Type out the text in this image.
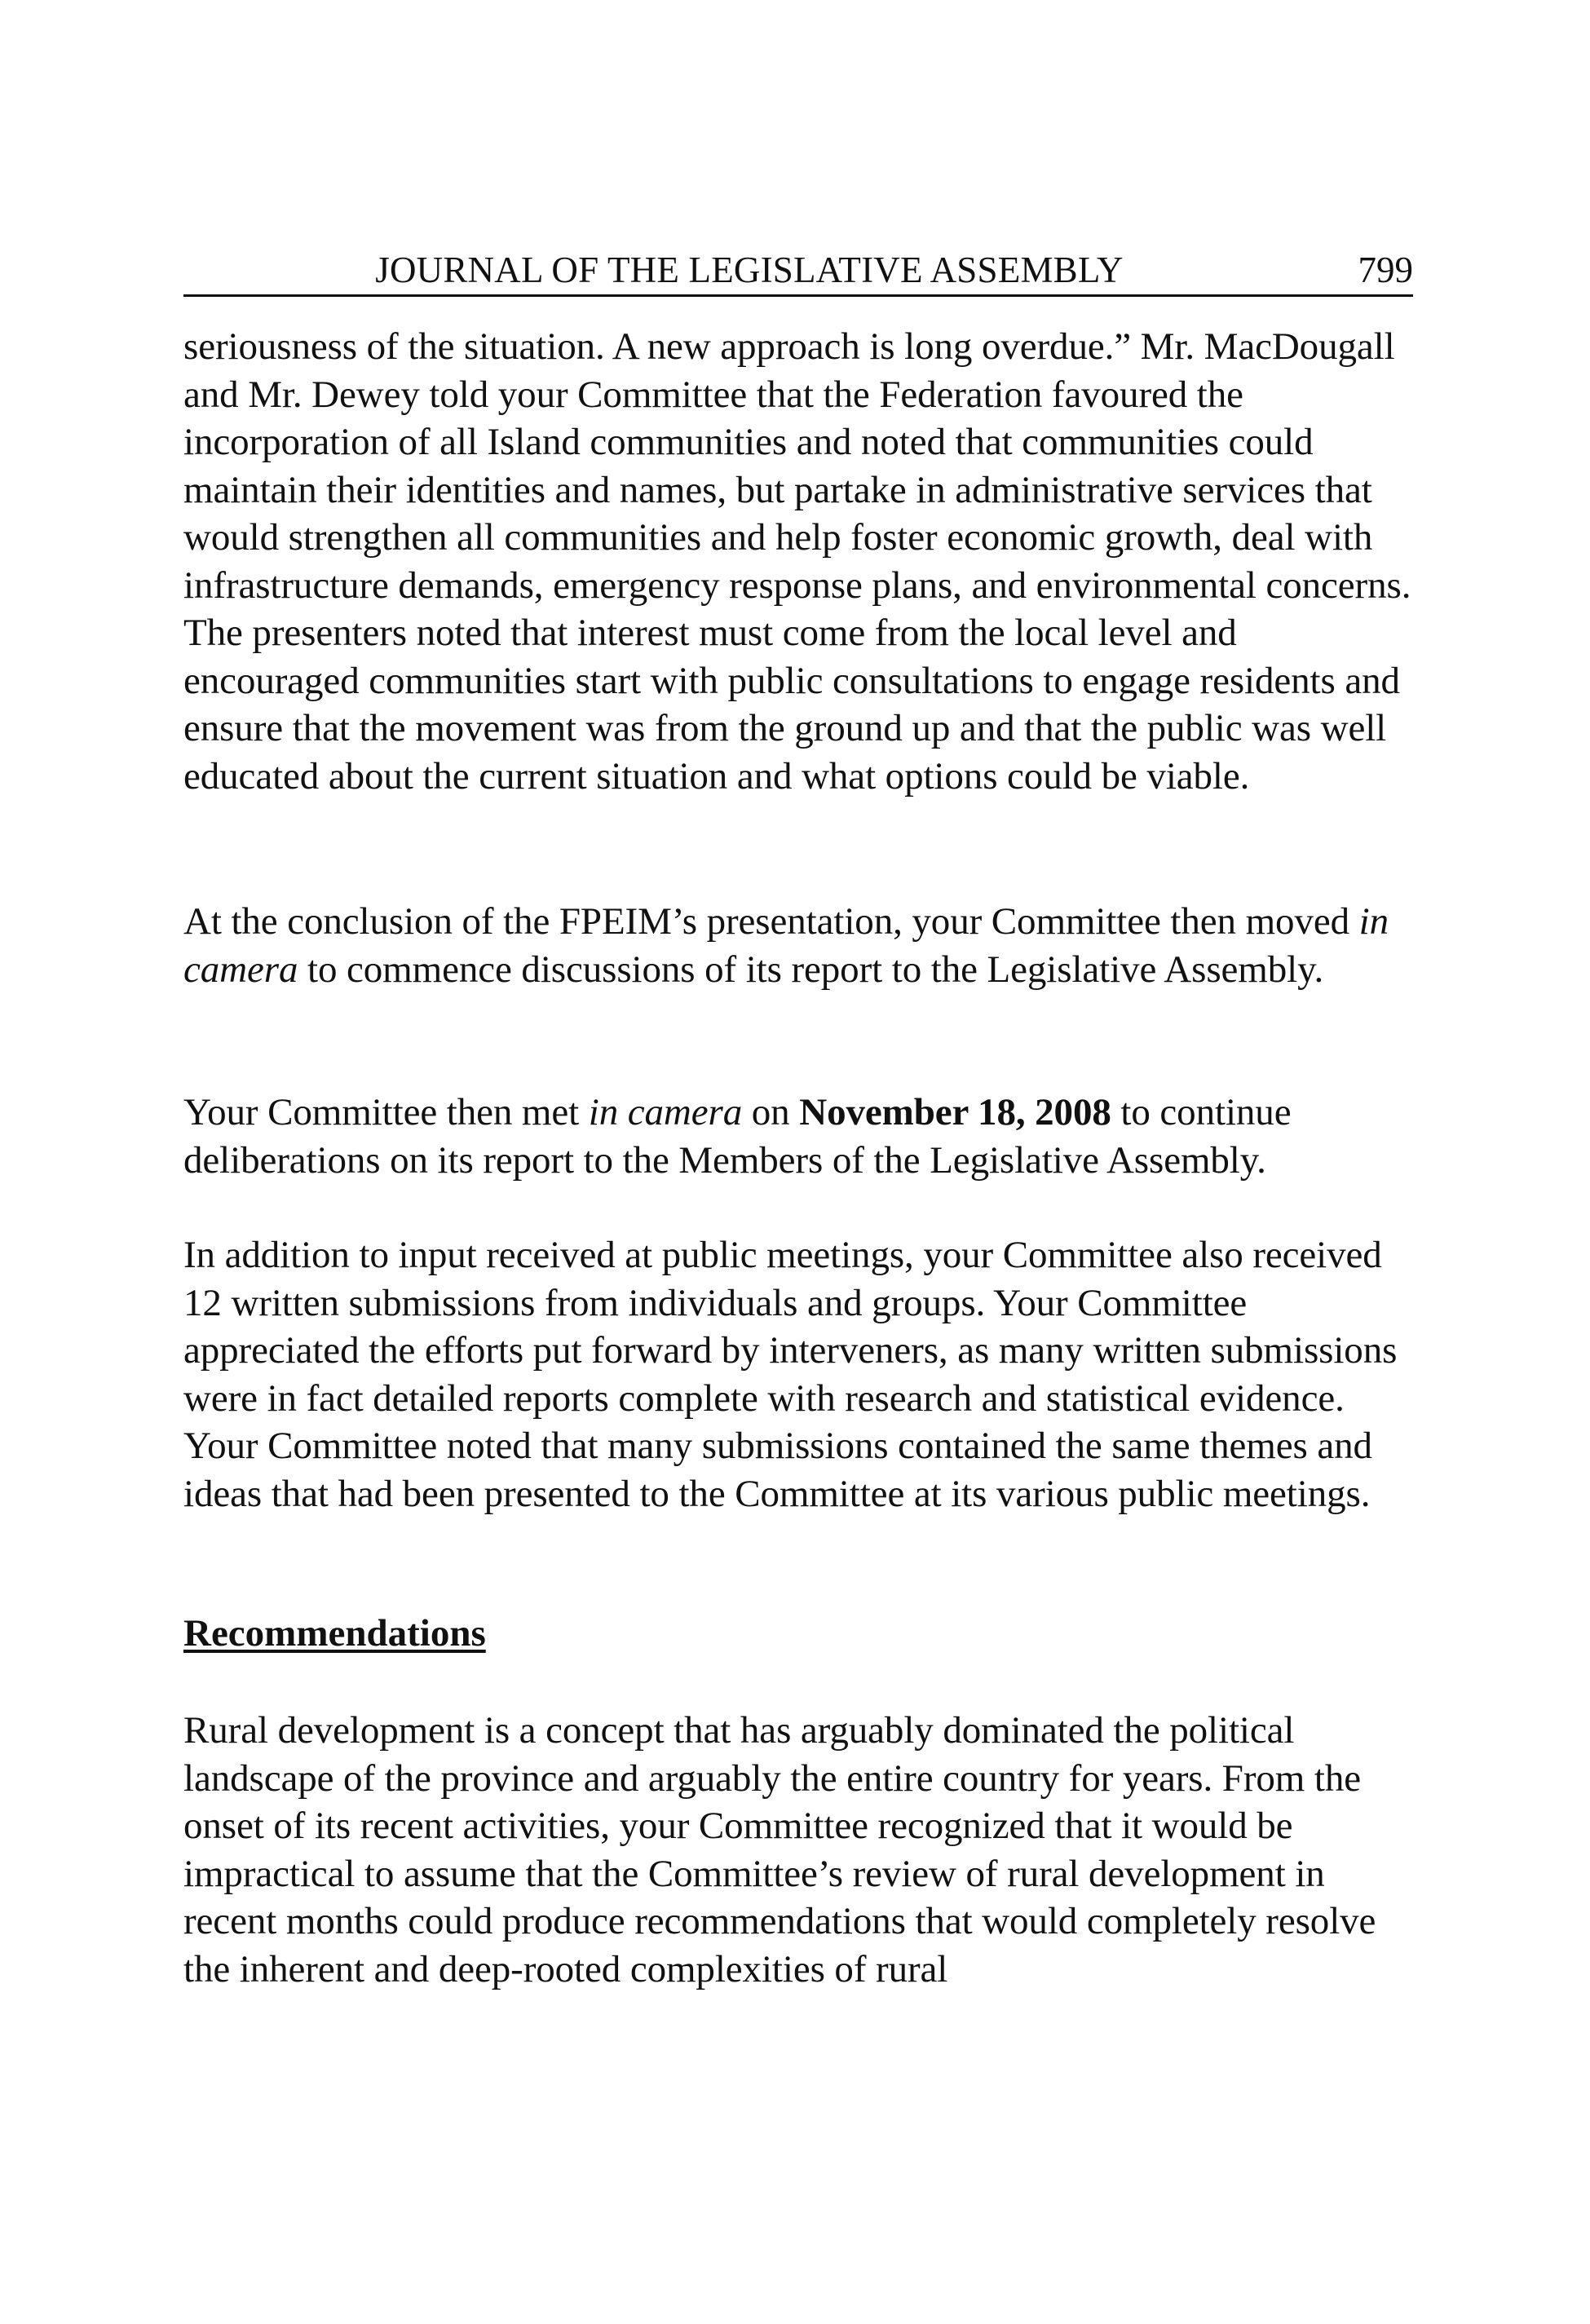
JOURNAL OF THE LEGISLATIVE ASSEMBLY	799

seriousness of the situation. A new approach is long overdue.” Mr. MacDougall and Mr. Dewey told your Committee that the Federation favoured the incorporation of all Island communities and noted that communities could maintain their identities and names, but partake in administrative services that would strengthen all communities and help foster economic growth, deal with infrastructure demands, emergency response plans, and environmental concerns. The presenters noted that interest must come from the local level and encouraged communities start with public consultations to engage residents and ensure that the movement was from the ground up and that the public was well educated about the current situation and what options could be viable.

At the conclusion of the FPEIM’s presentation, your Committee then moved in camera to commence discussions of its report to the Legislative Assembly.

Your Committee then met in camera on November 18, 2008 to continue deliberations on its report to the Members of the Legislative Assembly.

In addition to input received at public meetings, your Committee also received 12 written submissions from individuals and groups. Your Committee appreciated the efforts put forward by interveners, as many written submissions were in fact detailed reports complete with research and statistical evidence. Your Committee noted that many submissions contained the same themes and ideas that had been presented to the Committee at its various public meetings.

Recommendations

Rural development is a concept that has arguably dominated the political landscape of the province and arguably the entire country for years. From the onset of its recent activities, your Committee recognized that it would be impractical to assume that the Committee’s review of rural development in recent months could produce recommendations that would completely resolve the inherent and deep-rooted complexities of rural
